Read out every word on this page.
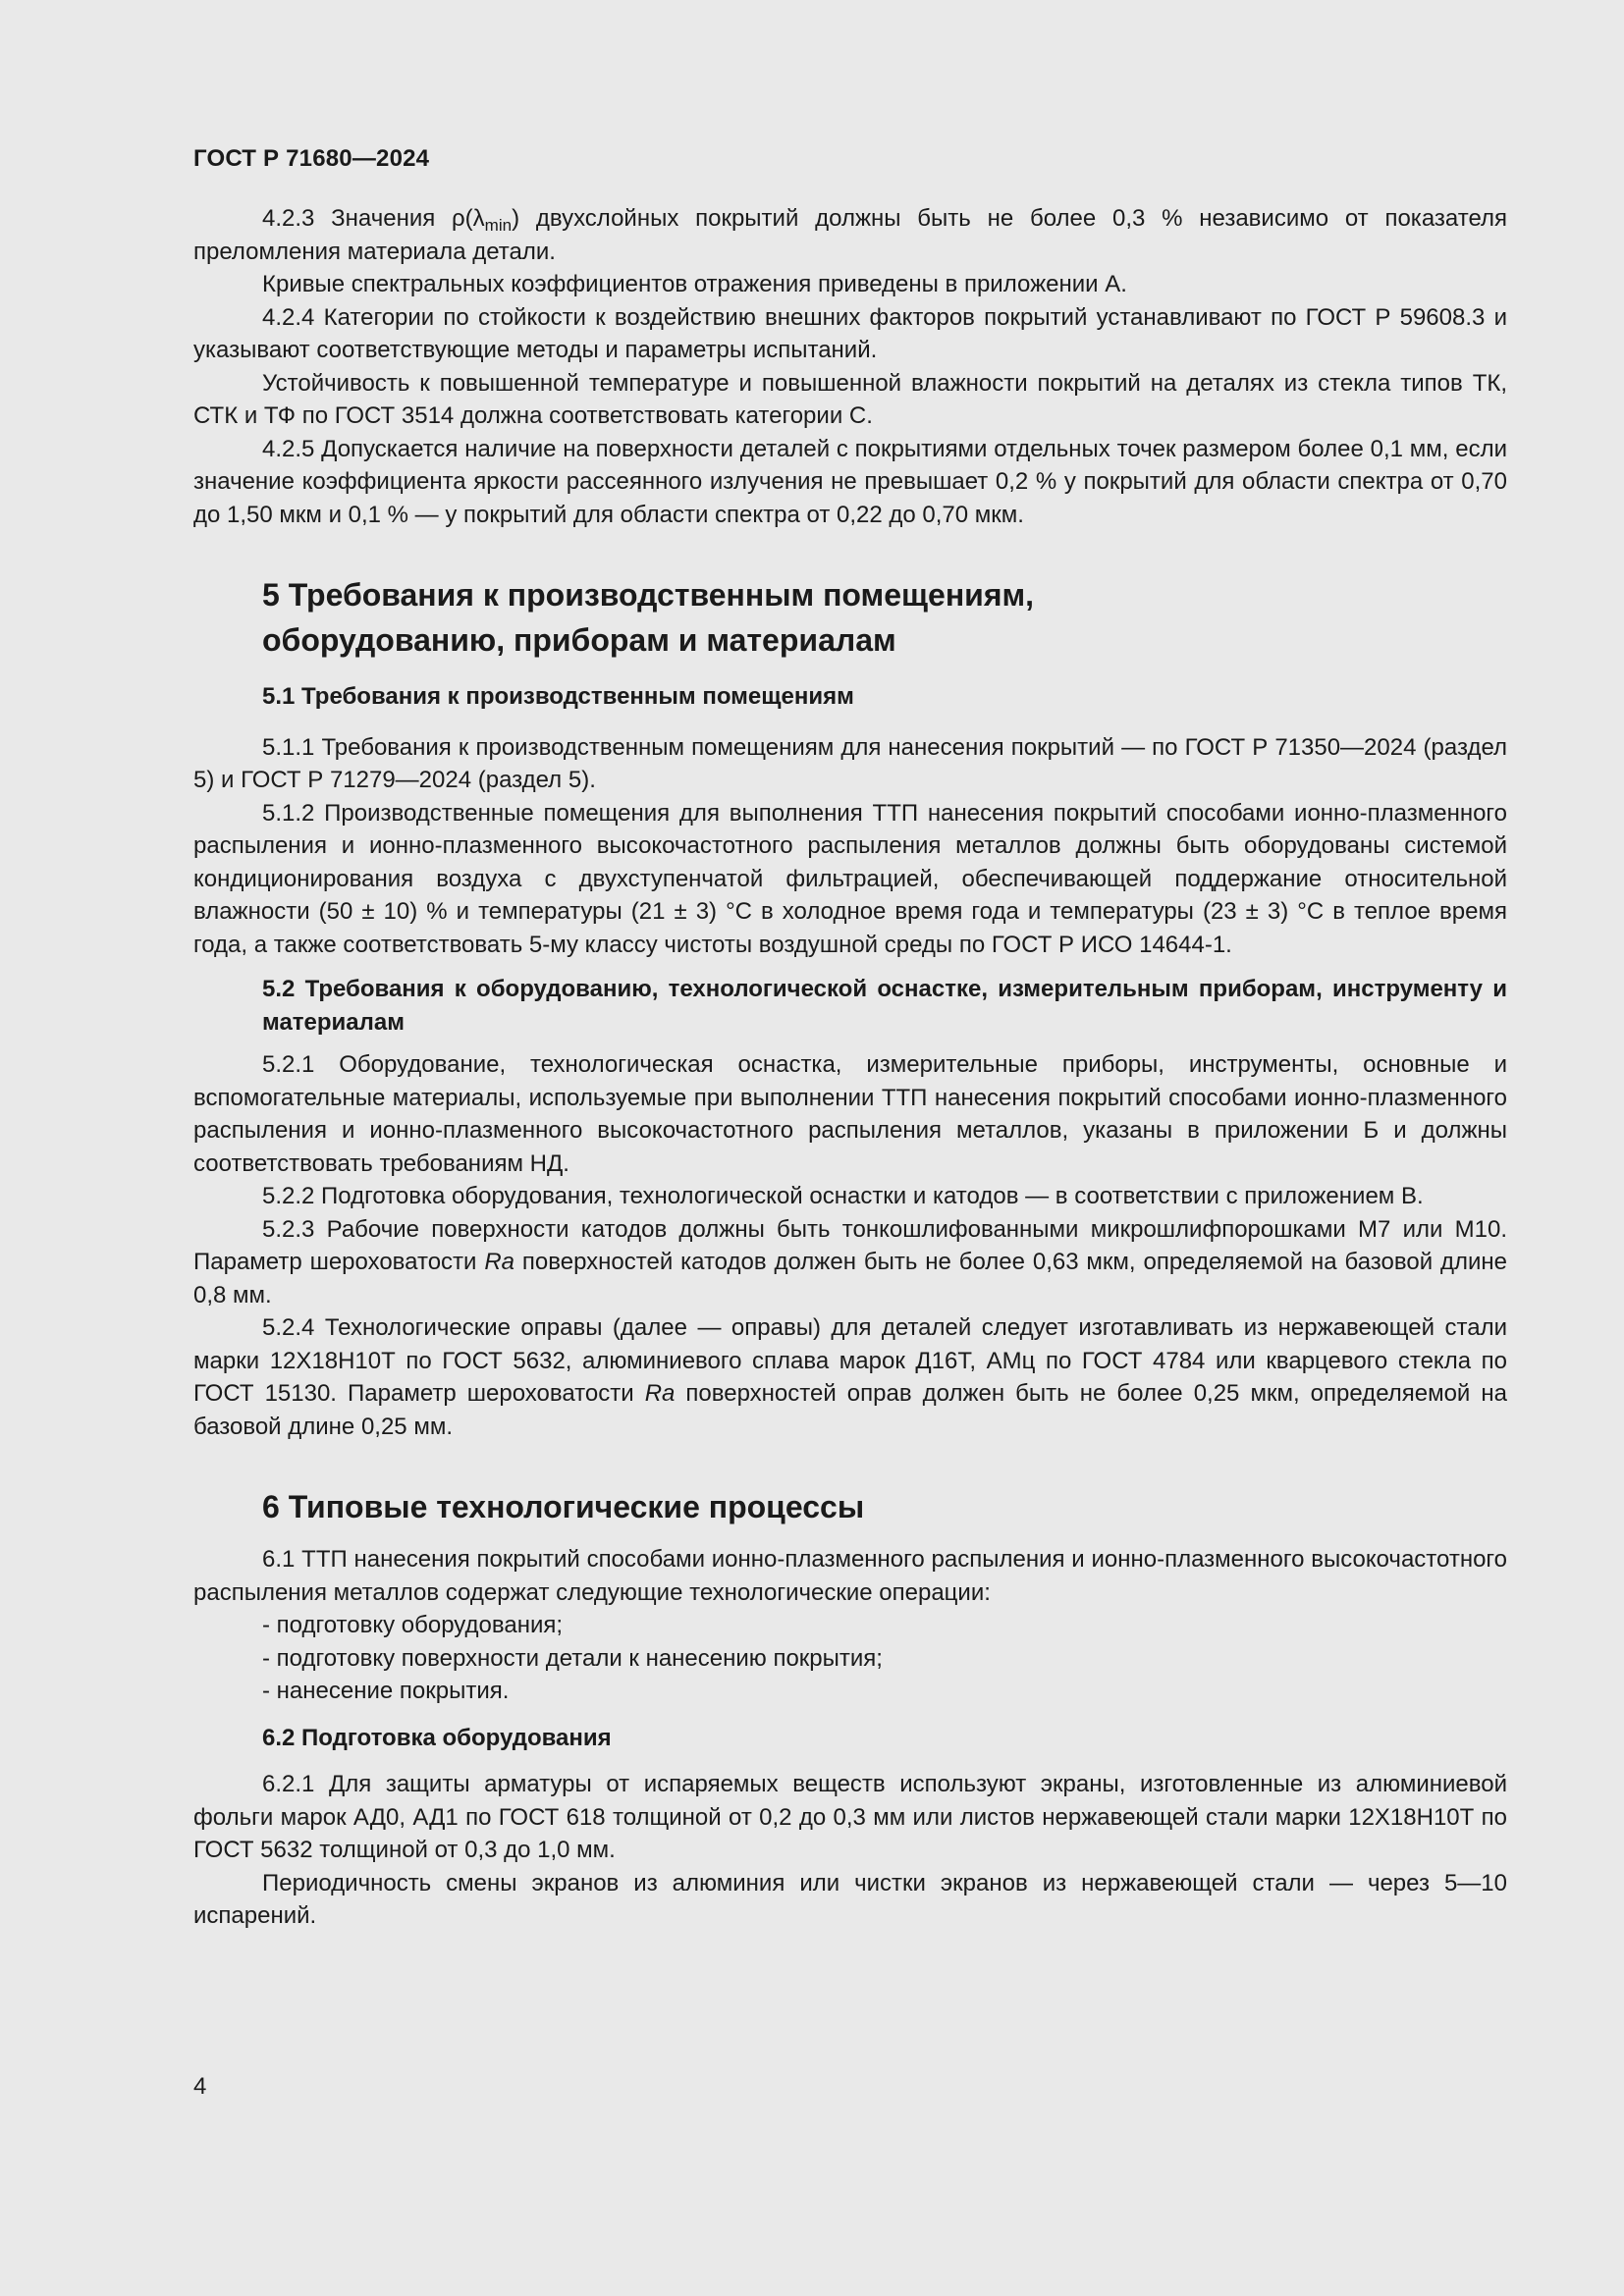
ГОСТ Р 71680—2024

4.2.3 Значения $\rho(\lambda_{min})$ двухслойных покрытий должны быть не более 0,3 % независимо от показателя преломления материала детали.

Кривые спектральных коэффициентов отражения приведены в приложении А.

4.2.4 Категории по стойкости к воздействию внешних факторов покрытий устанавливают по ГОСТ Р 59608.3 и указывают соответствующие методы и параметры испытаний.

Устойчивость к повышенной температуре и повышенной влажности покрытий на деталях из стекла типов ТК, СТК и ТФ по ГОСТ 3514 должна соответствовать категории С.

4.2.5 Допускается наличие на поверхности деталей с покрытиями отдельных точек размером более 0,1 мм, если значение коэффициента яркости рассеянного излучения не превышает 0,2 % у покрытий для области спектра от 0,70 до 1,50 мкм и 0,1 % — у покрытий для области спектра от 0,22 до 0,70 мкм.

5 Требования к производственным помещениям,
оборудованию, приборам и материалам
5.1 Требования к производственным помещениям

5.1.1 Требования к производственным помещениям для нанесения покрытий — по ГОСТ Р 71350—2024 (раздел 5) и ГОСТ Р 71279—2024 (раздел 5).

5.1.2 Производственные помещения для выполнения ТТП нанесения покрытий способами ионно-плазменного распыления и ионно-плазменного высокочастотного распыления металлов должны быть оборудованы системой кондиционирования воздуха с двухступенчатой фильтрацией, обеспечивающей поддержание относительной влажности (50 ± 10) % и температуры (21 ± 3) °С в холодное время года и температуры (23 ± 3) °С в теплое время года, а также соответствовать 5-му классу чистоты воздушной среды по ГОСТ Р ИСО 14644-1.

5.2 Требования к оборудованию, технологической оснастке, измерительным приборам, инструменту и материалам

5.2.1 Оборудование, технологическая оснастка, измерительные приборы, инструменты, основные и вспомогательные материалы, используемые при выполнении ТТП нанесения покрытий способами ионно-плазменного распыления и ионно-плазменного высокочастотного распыления металлов, указаны в приложении Б и должны соответствовать требованиям НД.

5.2.2 Подготовка оборудования, технологической оснастки и катодов — в соответствии с приложением В.

5.2.3 Рабочие поверхности катодов должны быть тонкошлифованными микрошлифпорошками М7 или М10. Параметр шероховатости Ra поверхностей катодов должен быть не более 0,63 мкм, определяемой на базовой длине 0,8 мм.

5.2.4 Технологические оправы (далее — оправы) для деталей следует изготавливать из нержавеющей стали марки 12Х18Н10Т по ГОСТ 5632, алюминиевого сплава марок Д16Т, АМц по ГОСТ 4784 или кварцевого стекла по ГОСТ 15130. Параметр шероховатости Ra поверхностей оправ должен быть не более 0,25 мкм, определяемой на базовой длине 0,25 мм.

6 Типовые технологические процессы

6.1 ТТП нанесения покрытий способами ионно-плазменного распыления и ионно-плазменного высокочастотного распыления металлов содержат следующие технологические операции:

- подготовку оборудования;
- подготовку поверхности детали к нанесению покрытия;
- нанесение покрытия.
6.2 Подготовка оборудования

6.2.1 Для защиты арматуры от испаряемых веществ используют экраны, изготовленные из алюминиевой фольги марок АД0, АД1 по ГОСТ 618 толщиной от 0,2 до 0,3 мм или листов нержавеющей стали марки 12Х18Н10Т по ГОСТ 5632 толщиной от 0,3 до 1,0 мм.

Периодичность смены экранов из алюминия или чистки экранов из нержавеющей стали — через 5—10 испарений.

4
